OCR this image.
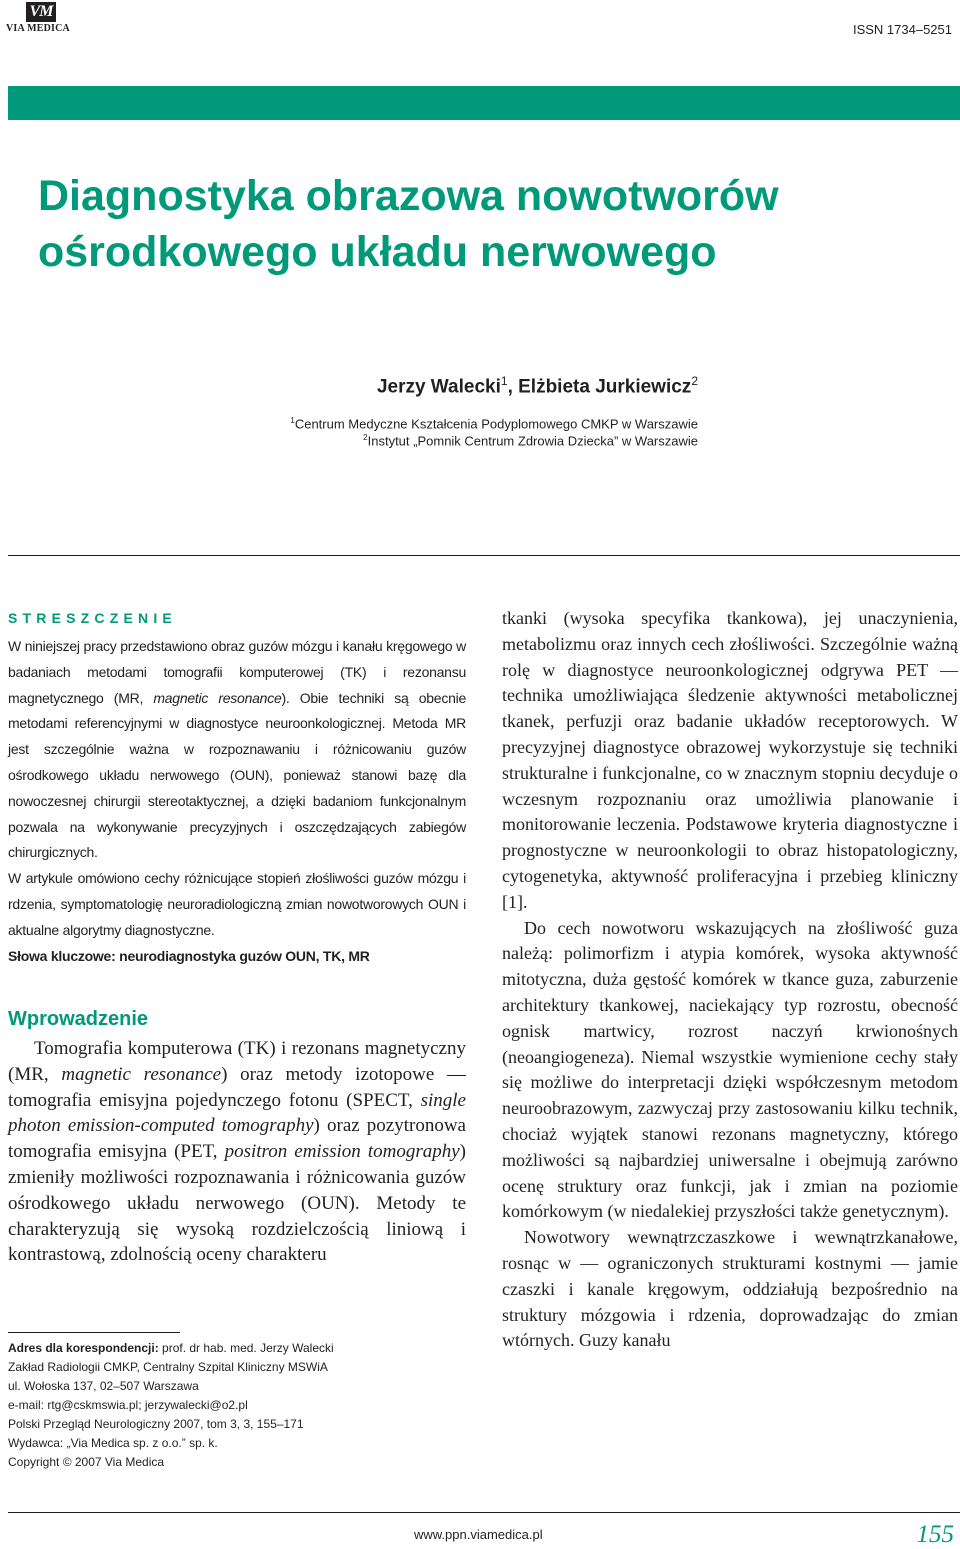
VM
VIA MEDICA	ISSN 1734–5251
Diagnostyka obrazowa nowotworów ośrodkowego układu nerwowego
Jerzy Walecki$^1$, Elżbieta Jurkiewicz$^2$
$^1$Centrum Medyczne Kształcenia Podyplomowego CMKP w Warszawie
$^2$Instytut „Pomnik Centrum Zdrowia Dziecka” w Warszawie
STRESZCZENIE

W niniejszej pracy przedstawiono obraz guzów mózgu i kanału kręgowego w badaniach metodami tomografii komputerowej (TK) i rezonansu magnetycznego (MR, magnetic resonance). Obie techniki są obecnie metodami referencyjnymi w diagnostyce neuroonkologicznej. Metoda MR jest szczególnie ważna w rozpoznawaniu i różnicowaniu guzów ośrodkowego układu nerwowego (OUN), ponieważ stanowi bazę dla nowoczesnej chirurgii stereotaktycznej, a dzięki badaniom funkcjonalnym pozwala na wykonywanie precyzyjnych i oszczędzających zabiegów chirurgicznych.

W artykule omówiono cechy różnicujące stopień złośliwości guzów mózgu i rdzenia, symptomatologię neuroradiologiczną zmian nowotworowych OUN i aktualne algorytmy diagnostyczne.

Słowa kluczowe: neurodiagnostyka guzów OUN, TK, MR

Wprowadzenie

Tomografia komputerowa (TK) i rezonans magnetyczny (MR, magnetic resonance) oraz metody izotopowe — tomografia emisyjna pojedynczego fotonu (SPECT, single photon emission-computed tomography) oraz pozytronowa tomografia emisyjna (PET, positron emission tomography) zmieniły możliwości rozpoznawania i różnicowania guzów ośrodkowego układu nerwowego (OUN). Metody te charakteryzują się wysoką rozdzielczością liniową i kontrastową, zdolnością oceny charakteru

tkanki (wysoka specyfika tkankowa), jej unaczynienia, metabolizmu oraz innych cech złośliwości. Szczególnie ważną rolę w diagnostyce neuroonkologicznej odgrywa PET — technika umożliwiająca śledzenie aktywności metabolicznej tkanek, perfuzji oraz badanie układów receptorowych. W precyzyjnej diagnostyce obrazowej wykorzystuje się techniki strukturalne i funkcjonalne, co w znacznym stopniu decyduje o wczesnym rozpoznaniu oraz umożliwia planowanie i monitorowanie leczenia. Podstawowe kryteria diagnostyczne i prognostyczne w neuroonkologii to obraz histopatologiczny, cytogenetyka, aktywność proliferacyjna i przebieg kliniczny [1].

Do cech nowotworu wskazujących na złośliwość guza należą: polimorfizm i atypia komórek, wysoka aktywność mitotyczna, duża gęstość komórek w tkance guza, zaburzenie architektury tkankowej, naciekający typ rozrostu, obecność ognisk martwicy, rozrost naczyń krwionośnych (neoangiogeneza). Niemal wszystkie wymienione cechy stały się możliwe do interpretacji dzięki współczesnym metodom neuroobrazowym, zazwyczaj przy zastosowaniu kilku technik, chociaż wyjątek stanowi rezonans magnetyczny, którego możliwości są najbardziej uniwersalne i obejmują zarówno ocenę struktury oraz funkcji, jak i zmian na poziomie komórkowym (w niedalekiej przyszłości także genetycznym).

Nowotwory wewnątrzczaszkowe i wewnątrzkanałowe, rosnąc w — ograniczonych strukturami kostnymi — jamie czaszki i kanale kręgowym, oddziałują bezpośrednio na struktury mózgowia i rdzenia, doprowadzając do zmian wtórnych. Guzy kanału

Adres dla korespondencji: prof. dr hab. med. Jerzy Walecki
Zakład Radiologii CMKP, Centralny Szpital Kliniczny MSWiA
ul. Wołoska 137, 02–507 Warszawa
e-mail: rtg@cskmswia.pl; jerzywalecki@o2.pl
Polski Przegląd Neurologiczny 2007, tom 3, 3, 155–171
Wydawca: „Via Medica sp. z o.o.” sp. k.
Copyright © 2007 Via Medica
www.ppn.viamedica.pl	155
